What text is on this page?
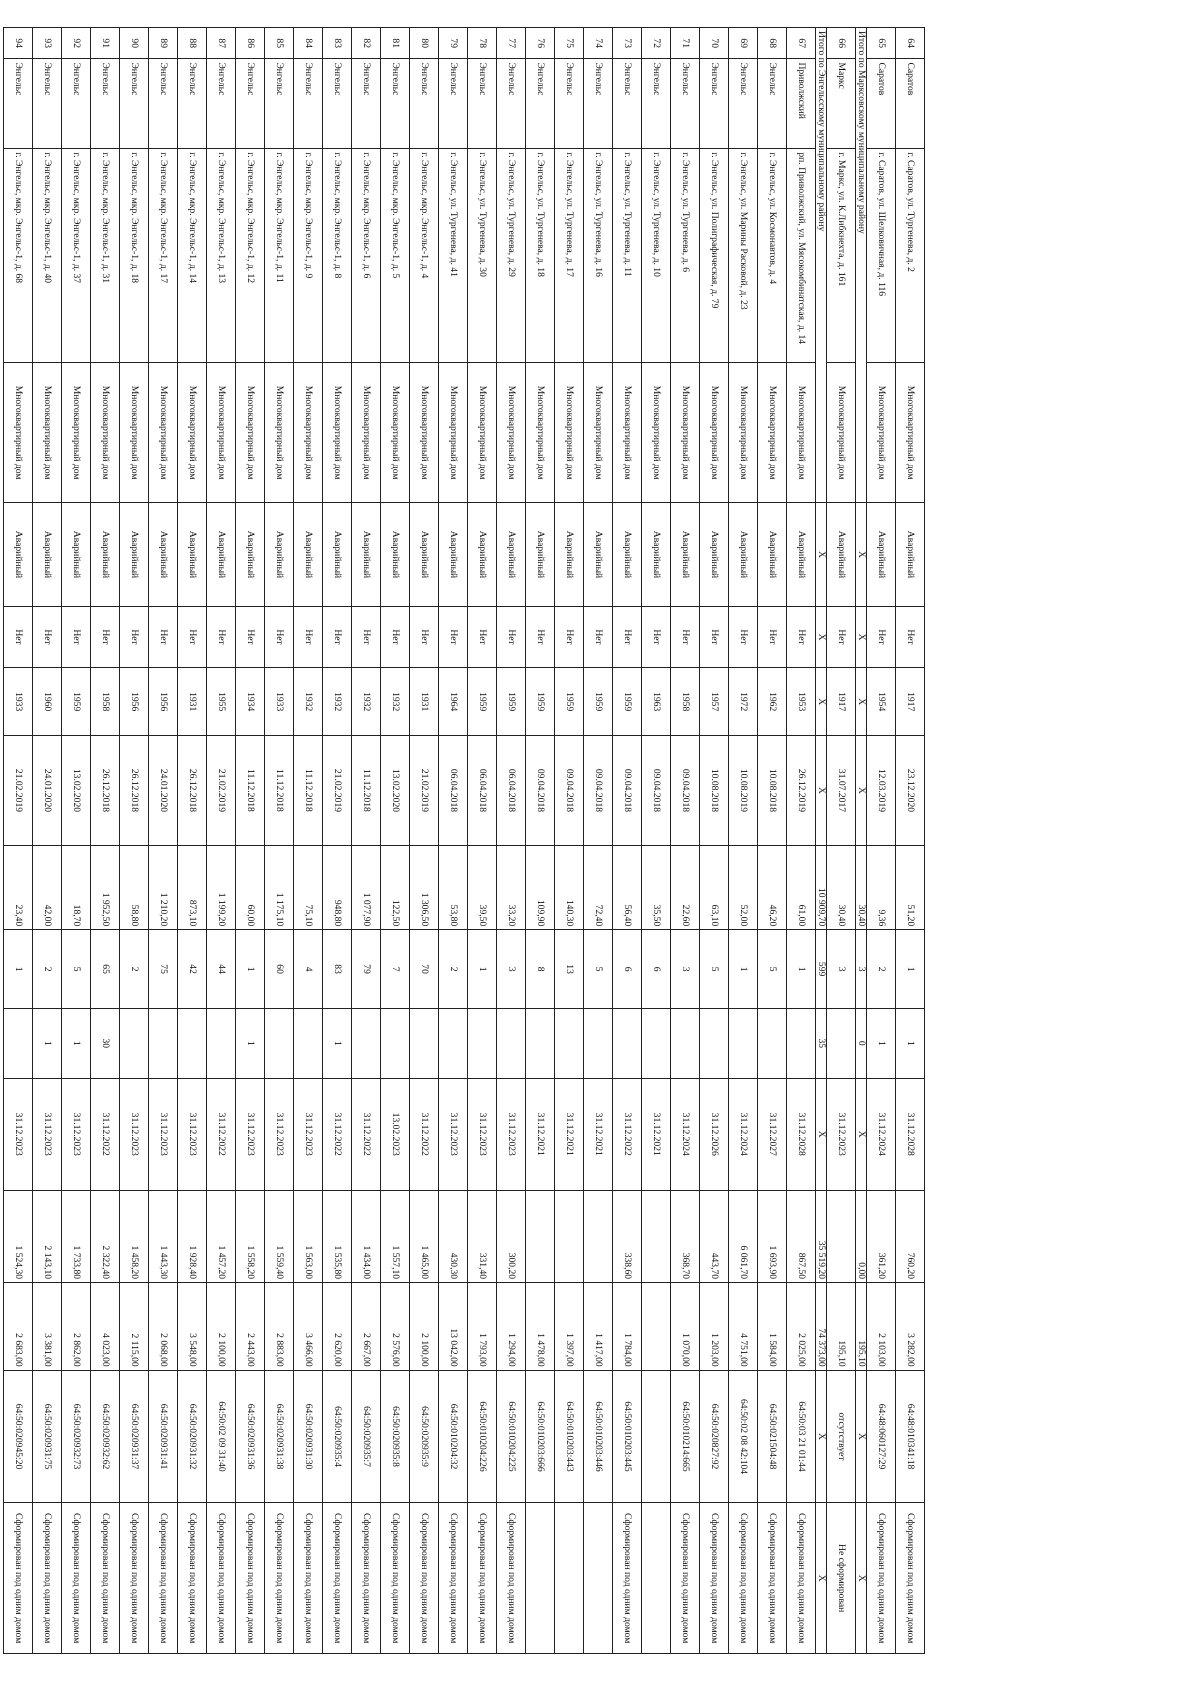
64	Саратов	г. Саратов, ул. Тургенева, д. 2	Многоквартирный дом	Аварийный	Нет	1917	23.12.2020	51,20	1	1	31.12.2028	760,20	3 282,00	64:48:010341:18	Сформирован под одним домом
65	Саратов	г. Саратов, ул. Шелковичная, д. 116	Многоквартирный дом	Аварийный	Нет	1954	12.03.2019	9,36	2	1	31.12.2024	361,20	2 103,00	64:48:060127:29	Сформирован под одним домом
Итого по Марксовскому муниципальному району				X	X	X	X	30,40	3	0	X	0,00	195,10	X	X
66	Маркс	г. Маркс, ул. К.Либкнехта, д. 161	Многоквартирный дом	Аварийный	Нет	1917	31.07.2017	30,40	3		31.12.2023		195,10	отсутствует	Не сформирован
Итого по Энгельсскому муниципальному району				X	X	X	X	10 909,70	599	35	X	35 519,20	74 373,00	X	X
67	Приволжский	рп. Приволжский, ул. Мясокомбинатская, д. 14	Многоквартирный дом	Аварийный	Нет	1953	26.12.2019	61,00	1		31.12.2028	867,50	2 025,00	64:50:03 21 01:44	Сформирован под одним домом
68	Энгельс	г. Энгельс, ул. Космонавтов, д. 4	Многоквартирный дом	Аварийный	Нет	1962	10.08.2018	46,20	5		31.12.2027	1 693,90	1 584,00	64:50:021504:48	Сформирован под одним домом
69	Энгельс	г. Энгельс, ул. Марины Расковой, д. 23	Многоквартирный дом	Аварийный	Нет	1972	10.08.2019	52,00	1		31.12.2024	6 061,70	4 751,00	64:50:02 08 42:104	Сформирован под одним домом
70	Энгельс	г. Энгельс, ул. Полиграфическая, д. 79	Многоквартирный дом	Аварийный	Нет	1957	10.08.2018	63,10	5		31.12.2026	443,70	1 203,00	64:50:020827:92	Сформирован под одним домом
71	Энгельс	г. Энгельс, ул. Тургенева, д. 6	Многоквартирный дом	Аварийный	Нет	1958	09.04.2018	22,60	3		31.12.2024	368,70	1 070,00	64:50:010214:665	Сформирован под одним домом
72	Энгельс	г. Энгельс, ул. Тургенева, д. 10	Многоквартирный дом	Аварийный	Нет	1963	09.04.2018	35,50	6		31.12.2021				
73	Энгельс	г. Энгельс, ул. Тургенева, д. 11	Многоквартирный дом	Аварийный	Нет	1959	09.04.2018	56,40	6		31.12.2022	338,60	1 784,00	64:50:010203:445	Сформирован под одним домом
74	Энгельс	г. Энгельс, ул. Тургенева, д. 16	Многоквартирный дом	Аварийный	Нет	1959	09.04.2018	72,40	5		31.12.2021		1 417,00	64:50:010203:446	
75	Энгельс	г. Энгельс, ул. Тургенева, д. 17	Многоквартирный дом	Аварийный	Нет	1959	09.04.2018	140,30	13		31.12.2021		1 397,00	64:50:010203:443	
76	Энгельс	г. Энгельс, ул. Тургенева, д. 18	Многоквартирный дом	Аварийный	Нет	1959	09.04.2018	109,90	8		31.12.2021		1 478,00	64:50:010203:666	
77	Энгельс	г. Энгельс, ул. Тургенева, д. 29	Многоквартирный дом	Аварийный	Нет	1959	06.04.2018	33,20	3		31.12.2023	300,20	1 294,00	64:50:010204:225	Сформирован под одним домом
78	Энгельс	г. Энгельс, ул. Тургенева, д. 30	Многоквартирный дом	Аварийный	Нет	1959	06.04.2018	39,50	1		31.12.2023	331,40	1 793,00	64:50:010204:226	Сформирован под одним домом
79	Энгельс	г. Энгельс, ул. Тургенева, д. 41	Многоквартирный дом	Аварийный	Нет	1964	06.04.2018	53,80	2		31.12.2023	430,30	13 042,00	64:50:010204:32	Сформирован под одним домом
80	Энгельс	г. Энгельс, мкр. Энгельс-1, д. 4	Многоквартирный дом	Аварийный	Нет	1931	21.02.2019	1 306,50	70		31.12.2022	1 465,00	2 100,00	64:50:020935:9	Сформирован под одним домом
81	Энгельс	г. Энгельс, мкр. Энгельс-1, д. 5	Многоквартирный дом	Аварийный	Нет	1932	13.02.2020	122,50	7		13.02.2023	1 557,10	2 576,00	64:50:020935:8	Сформирован под одним домом
82	Энгельс	г. Энгельс, мкр. Энгельс-1, д. 6	Многоквартирный дом	Аварийный	Нет	1932	11.12.2018	1 077,90	79		31.12.2022	1 434,00	2 667,00	64:50:020935:7	Сформирован под одним домом
83	Энгельс	г. Энгельс, мкр. Энгельс-1, д. 8	Многоквартирный дом	Аварийный	Нет	1932	21.02.2019	948,80	83	1	31.12.2022	1 535,80	2 620,00	64:50:020935:4	Сформирован под одним домом
84	Энгельс	г. Энгельс, мкр. Энгельс-1, д. 9	Многоквартирный дом	Аварийный	Нет	1932	11.12.2018	75,10	4		31.12.2023	1 563,00	3 466,00	64:50:020931:30	Сформирован под одним домом
85	Энгельс	г. Энгельс, мкр. Энгельс-1, д. 11	Многоквартирный дом	Аварийный	Нет	1933	11.12.2018	1 175,10	60		31.12.2023	1 559,40	2 883,00	64:50:020931:38	Сформирован под одним домом
86	Энгельс	г. Энгельс, мкр. Энгельс-1, д. 12	Многоквартирный дом	Аварийный	Нет	1934	11.12.2018	60,00	1	1	31.12.2023	1 558,20	2 443,00	64:50:020931:36	Сформирован под одним домом
87	Энгельс	г. Энгельс, мкр. Энгельс-1, д. 13	Многоквартирный дом	Аварийный	Нет	1955	21.02.2019	1 199,20	44		31.12.2022	1 457,20	2 100,00	64:50:02 09 31:40	Сформирован под одним домом
88	Энгельс	г. Энгельс, мкр. Энгельс-1, д. 14	Многоквартирный дом	Аварийный	Нет	1931	26.12.2018	873,10	42		31.12.2023	1 928,40	3 548,00	64:50:020931:32	Сформирован под одним домом
89	Энгельс	г. Энгельс, мкр. Энгельс-1, д. 17	Многоквартирный дом	Аварийный	Нет	1956	24.01.2020	1 210,20	75		31.12.2023	1 443,30	2 068,00	64:50:020931:41	Сформирован под одним домом
90	Энгельс	г. Энгельс, мкр. Энгельс-1, д. 18	Многоквартирный дом	Аварийный	Нет	1956	26.12.2018	58,80	2		31.12.2023	1 458,20	2 115,00	64:50:020931:37	Сформирован под одним домом
91	Энгельс	г. Энгельс, мкр. Энгельс-1, д. 31	Многоквартирный дом	Аварийный	Нет	1958	26.12.2018	1 952,50	65	30	31.12.2022	2 322,40	4 023,00	64:50:020932:62	Сформирован под одним домом
92	Энгельс	г. Энгельс, мкр. Энгельс-1, д. 37	Многоквартирный дом	Аварийный	Нет	1959	13.02.2020	18,70	5	1	31.12.2023	1 733,80	2 862,00	64:50:020932:73	Сформирован под одним домом
93	Энгельс	г. Энгельс, мкр. Энгельс-1, д. 40	Многоквартирный дом	Аварийный	Нет	1960	24.01.2020	42,00	2	1	31.12.2023	2 143,10	3 381,00	64:50:020931:75	Сформирован под одним домом
94	Энгельс	г. Энгельс, мкр. Энгельс-1, д. 68	Многоквартирный дом	Аварийный	Нет	1933	21.02.2019	23,40	1		31.12.2023	1 524,30	2 683,00	64:50:020945:20	Сформирован под одним домом
